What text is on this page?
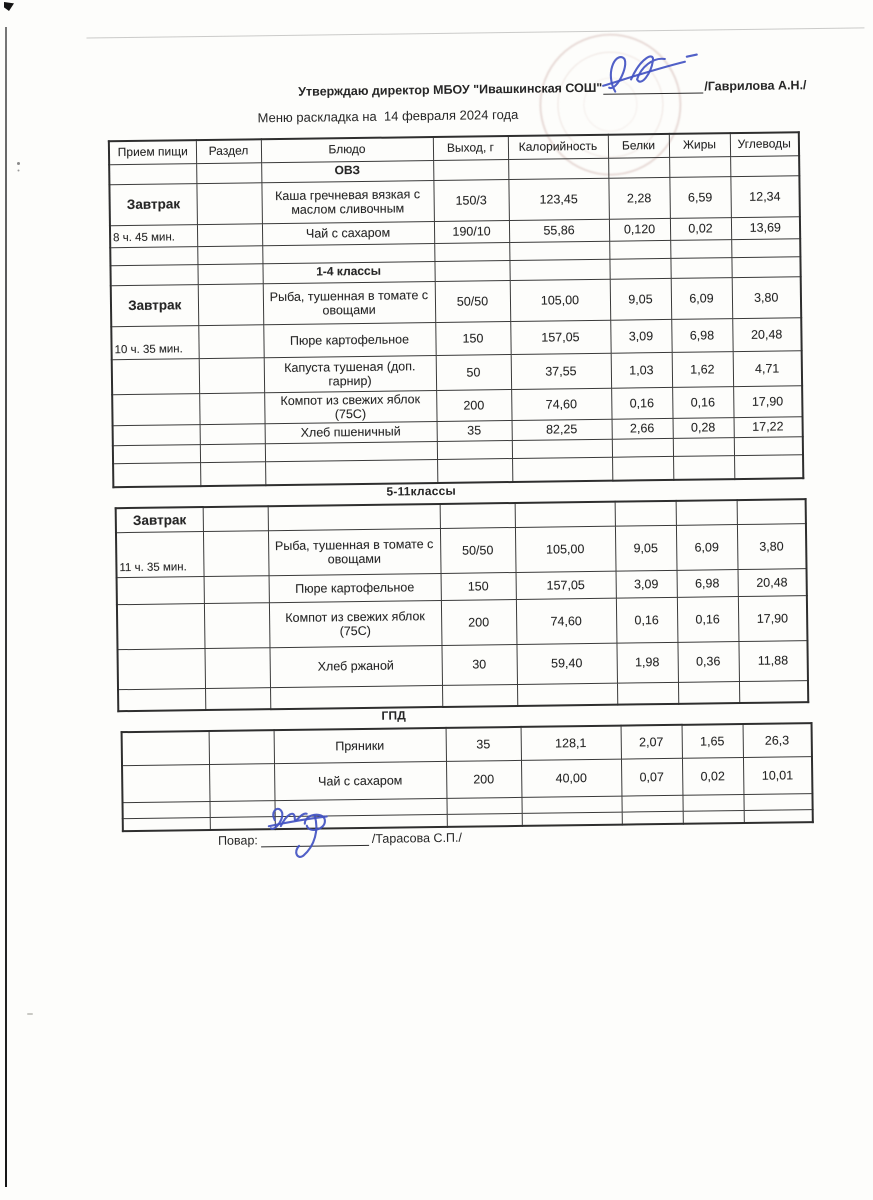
Утверждаю директор МБОУ "Ивашкинская СОШ"

	/Гаврилова А.Н./
Меню раскладка на  14 февраля 2024 года
Прием пищи	Раздел	Блюдо	Выход, г	Калорийность	Белки	Жиры	Углеводы
		ОВЗ					
Завтрак		Каша гречневая вязкая с маслом сливочным	150/3	123,45	2,28	6,59	12,34
8 ч. 45 мин.		Чай с сахаром	190/10	55,86	0,120	0,02	13,69

		1-4 классы					
Завтрак		Рыба, тушенная в томате с овощами	50/50	105,00	9,05	6,09	3,80
10 ч. 35 мин.		Пюре картофельное	150	157,05	3,09	6,98	20,48
		Капуста тушеная (доп. гарнир)	50	37,55	1,03	1,62	4,71
		Компот из свежих яблок (75С)	200	74,60	0,16	0,16	17,90
		Хлеб пшеничный	35	82,25	2,66	0,28	17,22

5-11классы
Завтрак							
11 ч. 35 мин.		Рыба, тушенная в томате с овощами	50/50	105,00	9,05	6,09	3,80
		Пюре картофельное	150	157,05	3,09	6,98	20,48
		Компот из свежих яблок (75С)	200	74,60	0,16	0,16	17,90
		Хлеб ржаной	30	59,40	1,98	0,36	11,88

ГПД
		Пряники	35	128,1	2,07	1,65	26,3
		Чай с сахаром	200	40,00	0,07	0,02	10,01

Повар:

	/Тарасова С.П./
